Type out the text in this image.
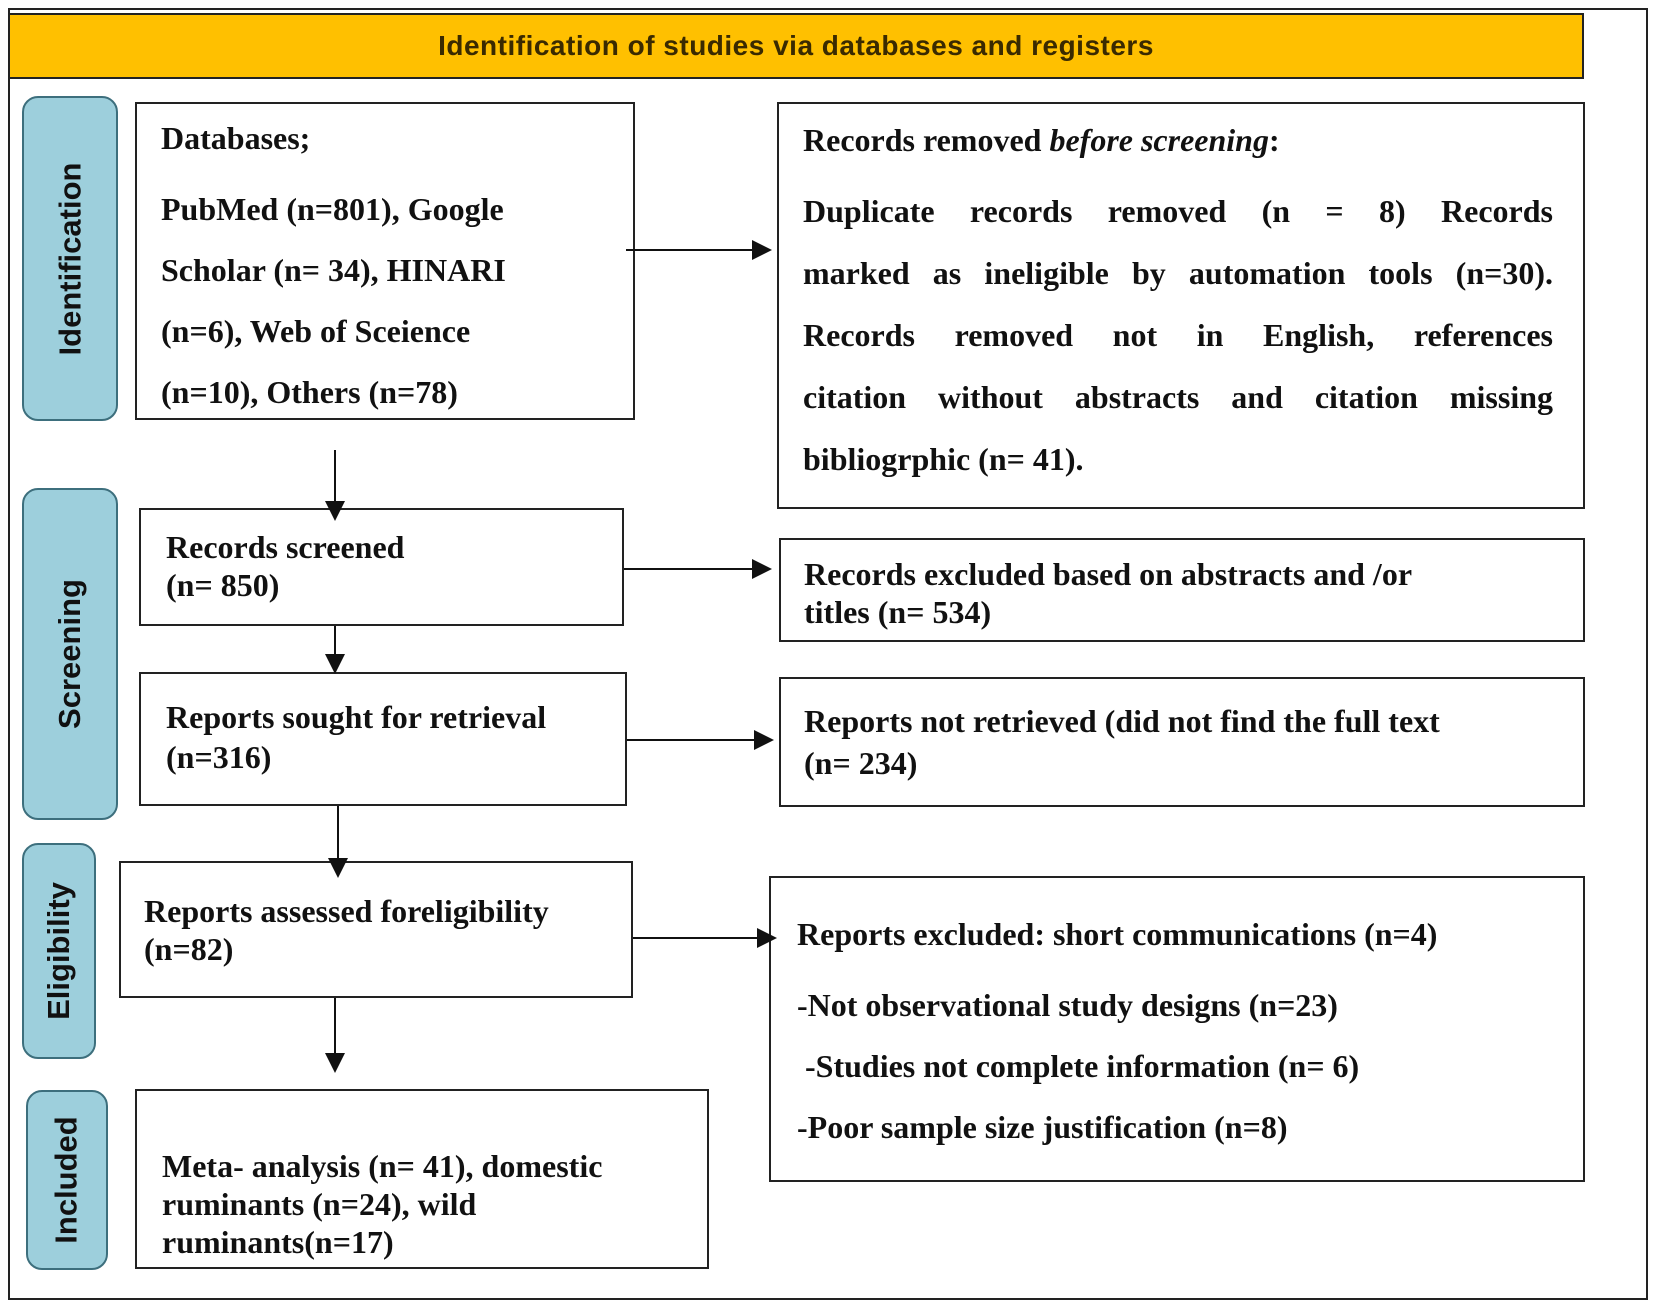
Identification of studies via databases and registers
Identification
Screening
Eligibility
Included
Databases;
PubMed (n=801), Google
Scholar (n= 34), HINARI
(n=6), Web of Sceience
(n=10), Others (n=78)
Records removed before screening:
Duplicate records removed (n = 8) Records
marked as ineligible by automation tools (n=30).
Records removed not in English, references
citation without abstracts and citation missing
bibliogrphic (n= 41).
Records screened
(n= 850)	Records excluded based on abstracts and /or
titles (n= 534)
Reports sought for retrieval
(n=316)
Reports not retrieved (did not find the full text
(n= 234)
Reports assessed foreligibility
(n=82)	Reports excluded: short communications (n=4)
-Not observational study designs (n=23)
-Studies not complete information (n= 6)
-Poor sample size justification (n=8)
Meta- analysis (n= 41), domestic
ruminants (n=24), wild
ruminants(n=17)
